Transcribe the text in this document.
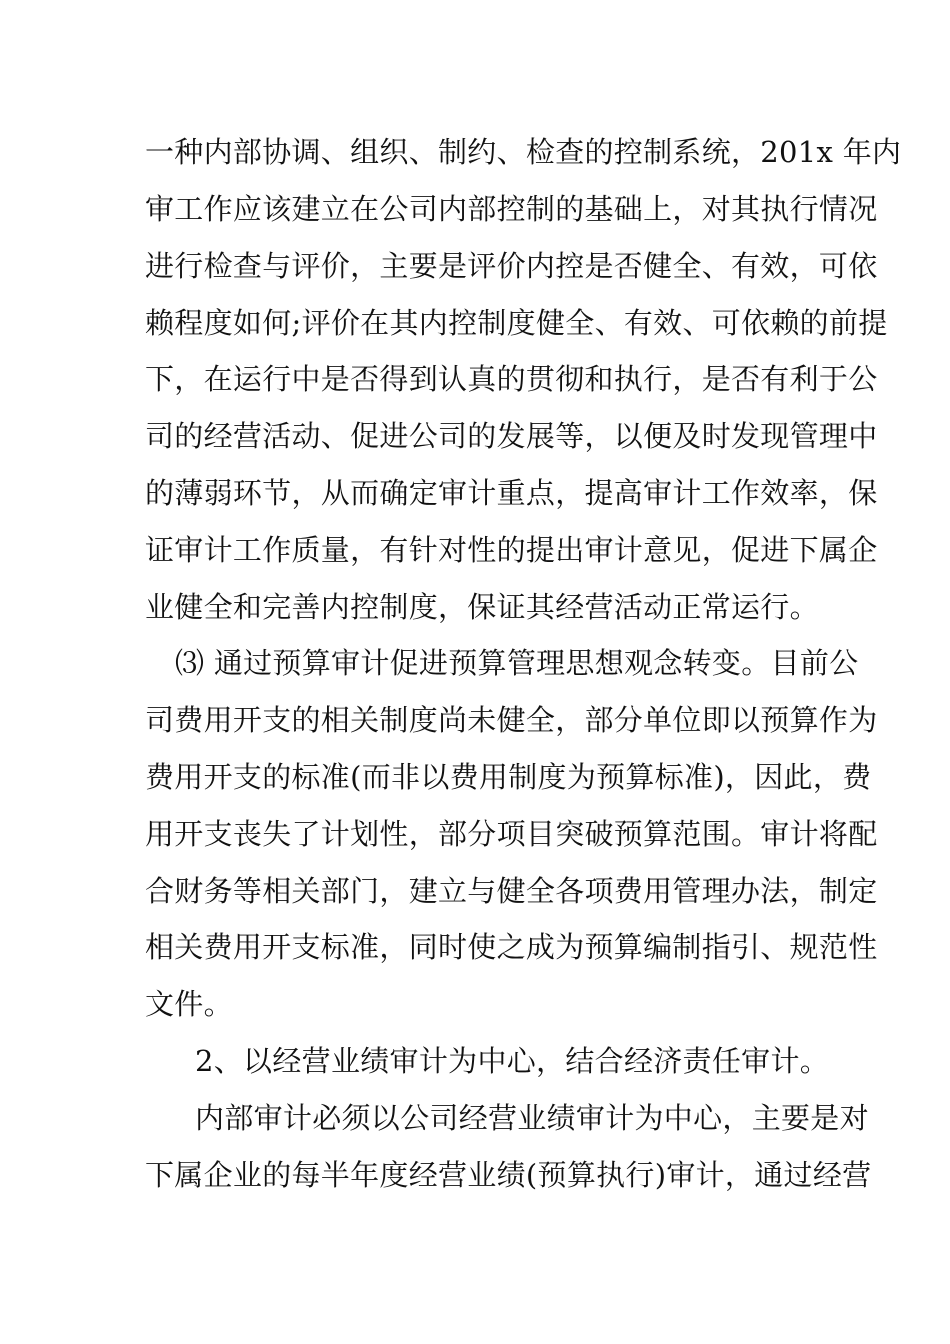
一种内部协调、组织、制约、检查的控制系统，201x 年内
审工作应该建立在公司内部控制的基础上，对其执行情况
进行检查与评价，主要是评价内控是否健全、有效，可依
赖程度如何;评价在其内控制度健全、有效、可依赖的前提
下，在运行中是否得到认真的贯彻和执行，是否有利于公
司的经营活动、促进公司的发展等，以便及时发现管理中
的薄弱环节，从而确定审计重点，提高审计工作效率，保
证审计工作质量，有针对性的提出审计意见，促进下属企
业健全和完善内控制度，保证其经营活动正常运行。
⑶ 通过预算审计促进预算管理思想观念转变。目前公
司费用开支的相关制度尚未健全，部分单位即以预算作为
费用开支的标准(而非以费用制度为预算标准)，因此，费
用开支丧失了计划性，部分项目突破预算范围。审计将配
合财务等相关部门，建立与健全各项费用管理办法，制定
相关费用开支标准，同时使之成为预算编制指引、规范性
文件。
2、以经营业绩审计为中心，结合经济责任审计。
内部审计必须以公司经营业绩审计为中心，主要是对
下属企业的每半年度经营业绩(预算执行)审计，通过经营
